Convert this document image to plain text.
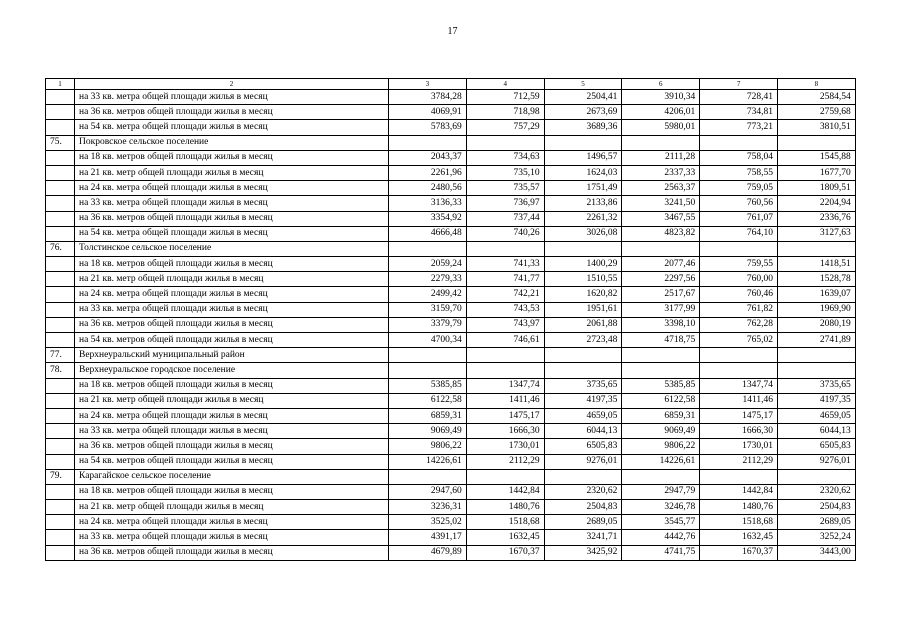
17
1	2	3	4	5	6	7	8
	на 33 кв. метра общей площади жилья в месяц	3784,28	712,59	2504,41	3910,34	728,41	2584,54
	на 36 кв. метров общей площади жилья в месяц	4069,91	718,98	2673,69	4206,01	734,81	2759,68
	на 54 кв. метра общей площади жилья в месяц	5783,69	757,29	3689,36	5980,01	773,21	3810,51
75.	Покровское сельское поселение						
	на 18 кв. метров общей площади жилья в месяц	2043,37	734,63	1496,57	2111,28	758,04	1545,88
	на 21 кв. метр общей площади жилья в месяц	2261,96	735,10	1624,03	2337,33	758,55	1677,70
	на 24 кв. метра общей площади жилья в месяц	2480,56	735,57	1751,49	2563,37	759,05	1809,51
	на 33 кв. метра общей площади жилья в месяц	3136,33	736,97	2133,86	3241,50	760,56	2204,94
	на 36 кв. метров общей площади жилья в месяц	3354,92	737,44	2261,32	3467,55	761,07	2336,76
	на 54 кв. метра общей площади жилья в месяц	4666,48	740,26	3026,08	4823,82	764,10	3127,63
76.	Толстинское сельское поселение						
	на 18 кв. метров общей площади жилья в месяц	2059,24	741,33	1400,29	2077,46	759,55	1418,51
	на 21 кв. метр общей площади жилья в месяц	2279,33	741,77	1510,55	2297,56	760,00	1528,78
	на 24 кв. метра общей площади жилья в месяц	2499,42	742,21	1620,82	2517,67	760,46	1639,07
	на 33 кв. метра общей площади жилья в месяц	3159,70	743,53	1951,61	3177,99	761,82	1969,90
	на 36 кв. метров общей площади жилья в месяц	3379,79	743,97	2061,88	3398,10	762,28	2080,19
	на 54 кв. метров общей площади жилья в месяц	4700,34	746,61	2723,48	4718,75	765,02	2741,89
77.	Верхнеуральский муниципальный район						
78.	Верхнеуральское городское поселение						
	на 18 кв. метров общей площади жилья в месяц	5385,85	1347,74	3735,65	5385,85	1347,74	3735,65
	на 21 кв. метр общей площади жилья в месяц	6122,58	1411,46	4197,35	6122,58	1411,46	4197,35
	на 24 кв. метра общей площади жилья в месяц	6859,31	1475,17	4659,05	6859,31	1475,17	4659,05
	на 33 кв. метра общей площади жилья в месяц	9069,49	1666,30	6044,13	9069,49	1666,30	6044,13
	на 36 кв. метров общей площади жилья в месяц	9806,22	1730,01	6505,83	9806,22	1730,01	6505,83
	на 54 кв. метров общей площади жилья в месяц	14226,61	2112,29	9276,01	14226,61	2112,29	9276,01
79.	Карагайское сельское поселение						
	на 18 кв. метров общей площади жилья в месяц	2947,60	1442,84	2320,62	2947,79	1442,84	2320,62
	на 21 кв. метр общей площади жилья в месяц	3236,31	1480,76	2504,83	3246,78	1480,76	2504,83
	на 24 кв. метра общей площади жилья в месяц	3525,02	1518,68	2689,05	3545,77	1518,68	2689,05
	на 33 кв. метра общей площади жилья в месяц	4391,17	1632,45	3241,71	4442,76	1632,45	3252,24
	на 36 кв. метров общей площади жилья в месяц	4679,89	1670,37	3425,92	4741,75	1670,37	3443,00
